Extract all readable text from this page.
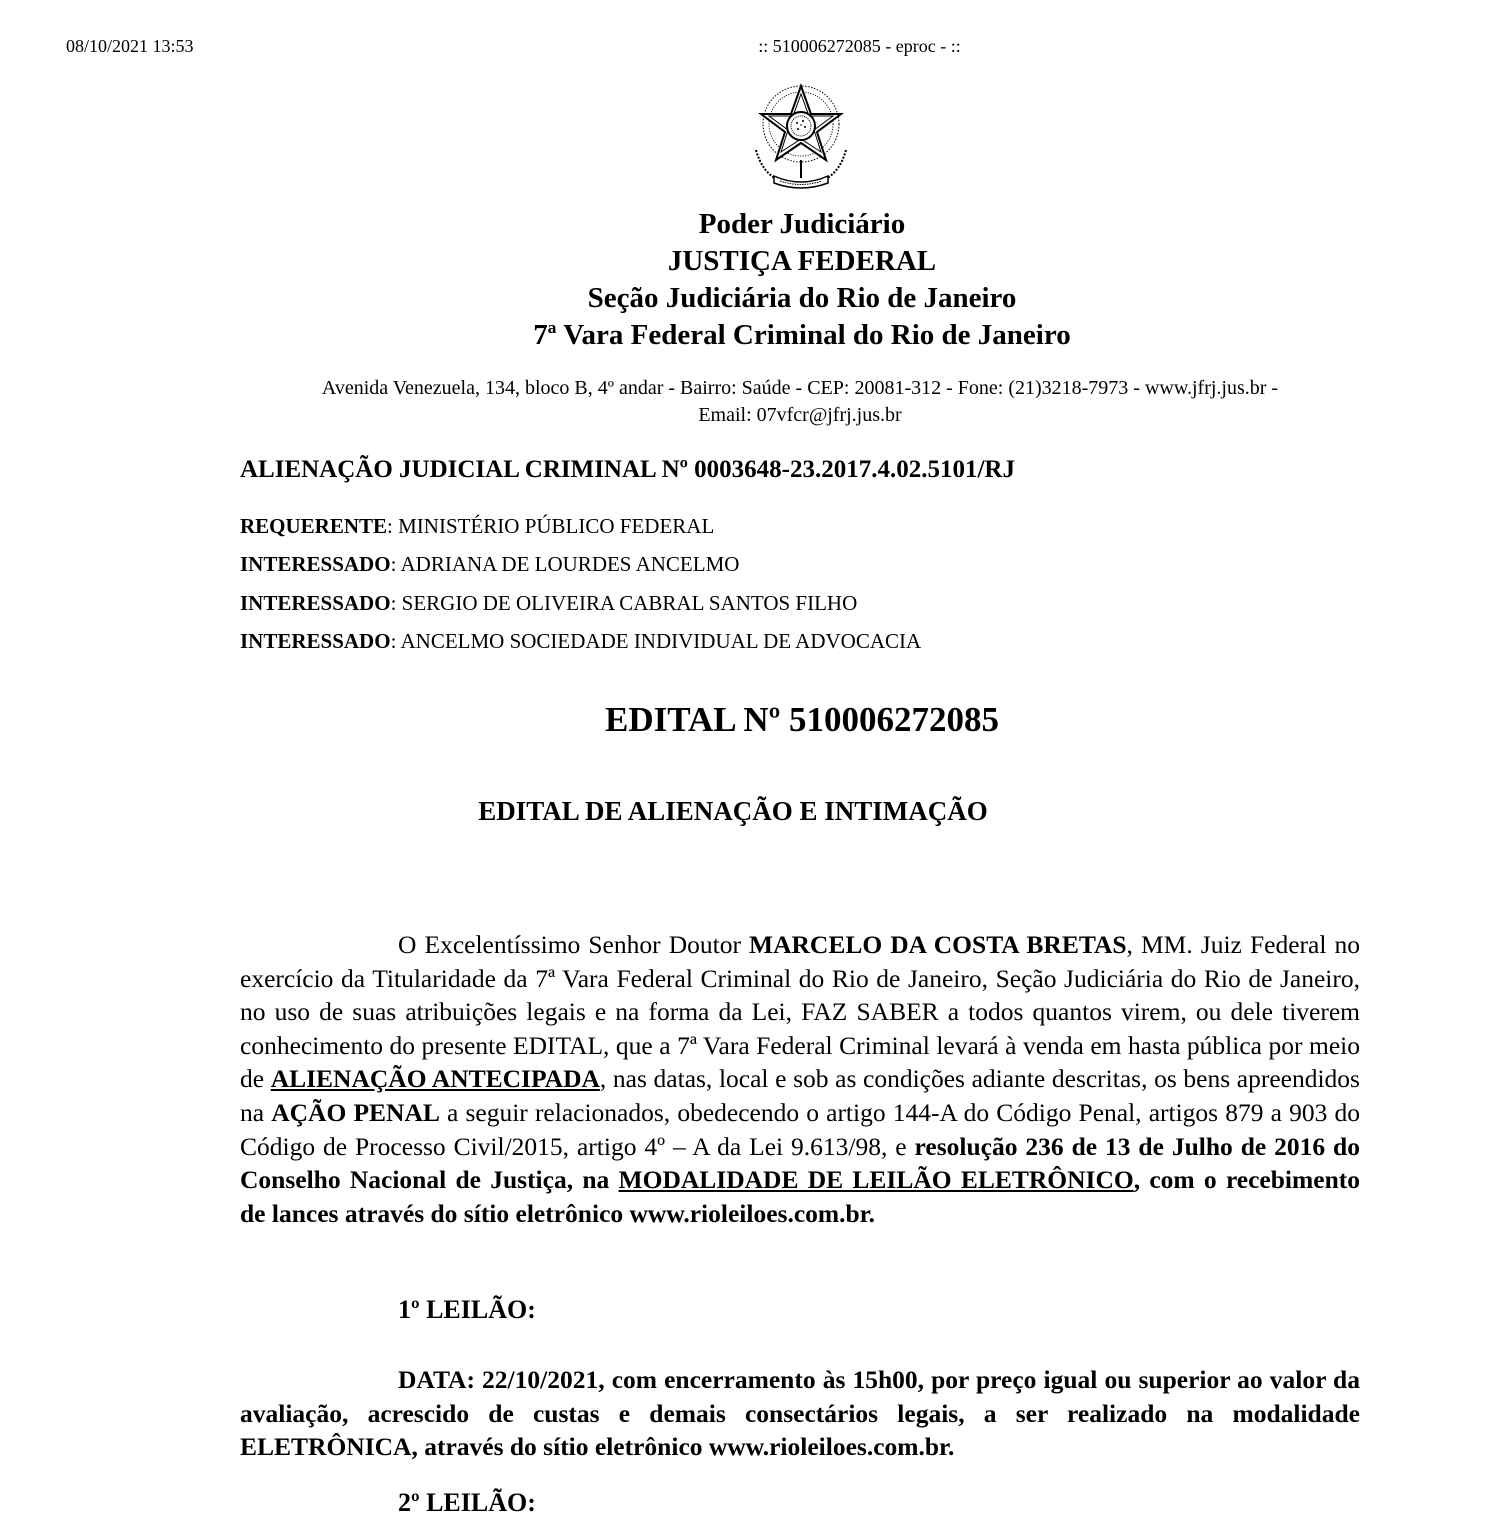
08/10/2021 13:53	:: 510006272085 - eproc - ::
Poder Judiciário
JUSTIÇA FEDERAL
Seção Judiciária do Rio de Janeiro
7ª Vara Federal Criminal do Rio de Janeiro
Avenida Venezuela, 134, bloco B, 4º andar - Bairro: Saúde - CEP: 20081-312 - Fone: (21)3218-7973 - www.jfrj.jus.br -
Email: 07vfcr@jfrj.jus.br
ALIENAÇÃO JUDICIAL CRIMINAL Nº 0003648-23.2017.4.02.5101/RJ
REQUERENTE: MINISTÉRIO PÚBLICO FEDERAL
INTERESSADO: ADRIANA DE LOURDES ANCELMO
INTERESSADO: SERGIO DE OLIVEIRA CABRAL SANTOS FILHO
INTERESSADO: ANCELMO SOCIEDADE INDIVIDUAL DE ADVOCACIA
EDITAL Nº 510006272085
EDITAL DE ALIENAÇÃO E INTIMAÇÃO
O Excelentíssimo Senhor Doutor MARCELO DA COSTA BRETAS, MM. Juiz Federal no exercício da Titularidade da 7ª Vara Federal Criminal do Rio de Janeiro, Seção Judiciária do Rio de Janeiro, no uso de suas atribuições legais e na forma da Lei, FAZ SABER a todos quantos virem, ou dele tiverem conhecimento do presente EDITAL, que a 7ª Vara Federal Criminal levará à venda em hasta pública por meio de ALIENAÇÃO ANTECIPADA, nas datas, local e sob as condições adiante descritas, os bens apreendidos na AÇÃO PENAL a seguir relacionados, obedecendo o artigo 144-A do Código Penal, artigos 879 a 903 do Código de Processo Civil/2015, artigo 4º – A da Lei 9.613/98, e resolução 236 de 13 de Julho de 2016 do Conselho Nacional de Justiça, na MODALIDADE DE LEILÃO ELETRÔNICO, com o recebimento de lances através do sítio eletrônico www.rioleiloes.com.br.
1º LEILÃO:
DATA: 22/10/2021, com encerramento às 15h00, por preço igual ou superior ao valor da avaliação, acrescido de custas e demais consectários legais, a ser realizado na modalidade ELETRÔNICA, através do sítio eletrônico www.rioleiloes.com.br.
2º LEILÃO:
